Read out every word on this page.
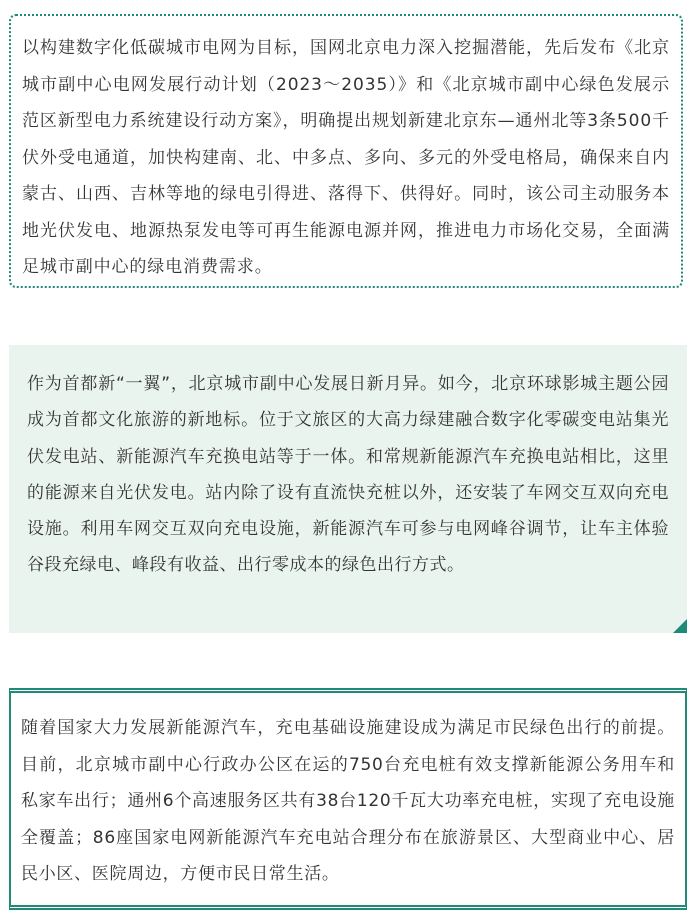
以构建数字化低碳城市电网为目标，国网北京电力深入挖掘潜能，先后发布《北京城市副中心电网发展行动计划（2023～2035）》和《北京城市副中心绿色发展示范区新型电力系统建设行动方案》，明确提出规划新建北京东—通州北等3条500千伏外受电通道，加快构建南、北、中多点、多向、多元的外受电格局，确保来自内蒙古、山西、吉林等地的绿电引得进、落得下、供得好。同时，该公司主动服务本地光伏发电、地源热泵发电等可再生能源电源并网，推进电力市场化交易，全面满足城市副中心的绿电消费需求。

作为首都新“一翼”，北京城市副中心发展日新月异。如今，北京环球影城主题公园成为首都文化旅游的新地标。位于文旅区的大高力绿建融合数字化零碳变电站集光伏发电站、新能源汽车充换电站等于一体。和常规新能源汽车充换电站相比，这里的能源来自光伏发电。站内除了设有直流快充桩以外，还安装了车网交互双向充电设施。利用车网交互双向充电设施，新能源汽车可参与电网峰谷调节，让车主体验谷段充绿电、峰段有收益、出行零成本的绿色出行方式。

随着国家大力发展新能源汽车，充电基础设施建设成为满足市民绿色出行的前提。目前，北京城市副中心行政办公区在运的750台充电桩有效支撑新能源公务用车和私家车出行；通州6个高速服务区共有38台120千瓦大功率充电桩，实现了充电设施全覆盖；86座国家电网新能源汽车充电站合理分布在旅游景区、大型商业中心、居民小区、医院周边，方便市民日常生活。
